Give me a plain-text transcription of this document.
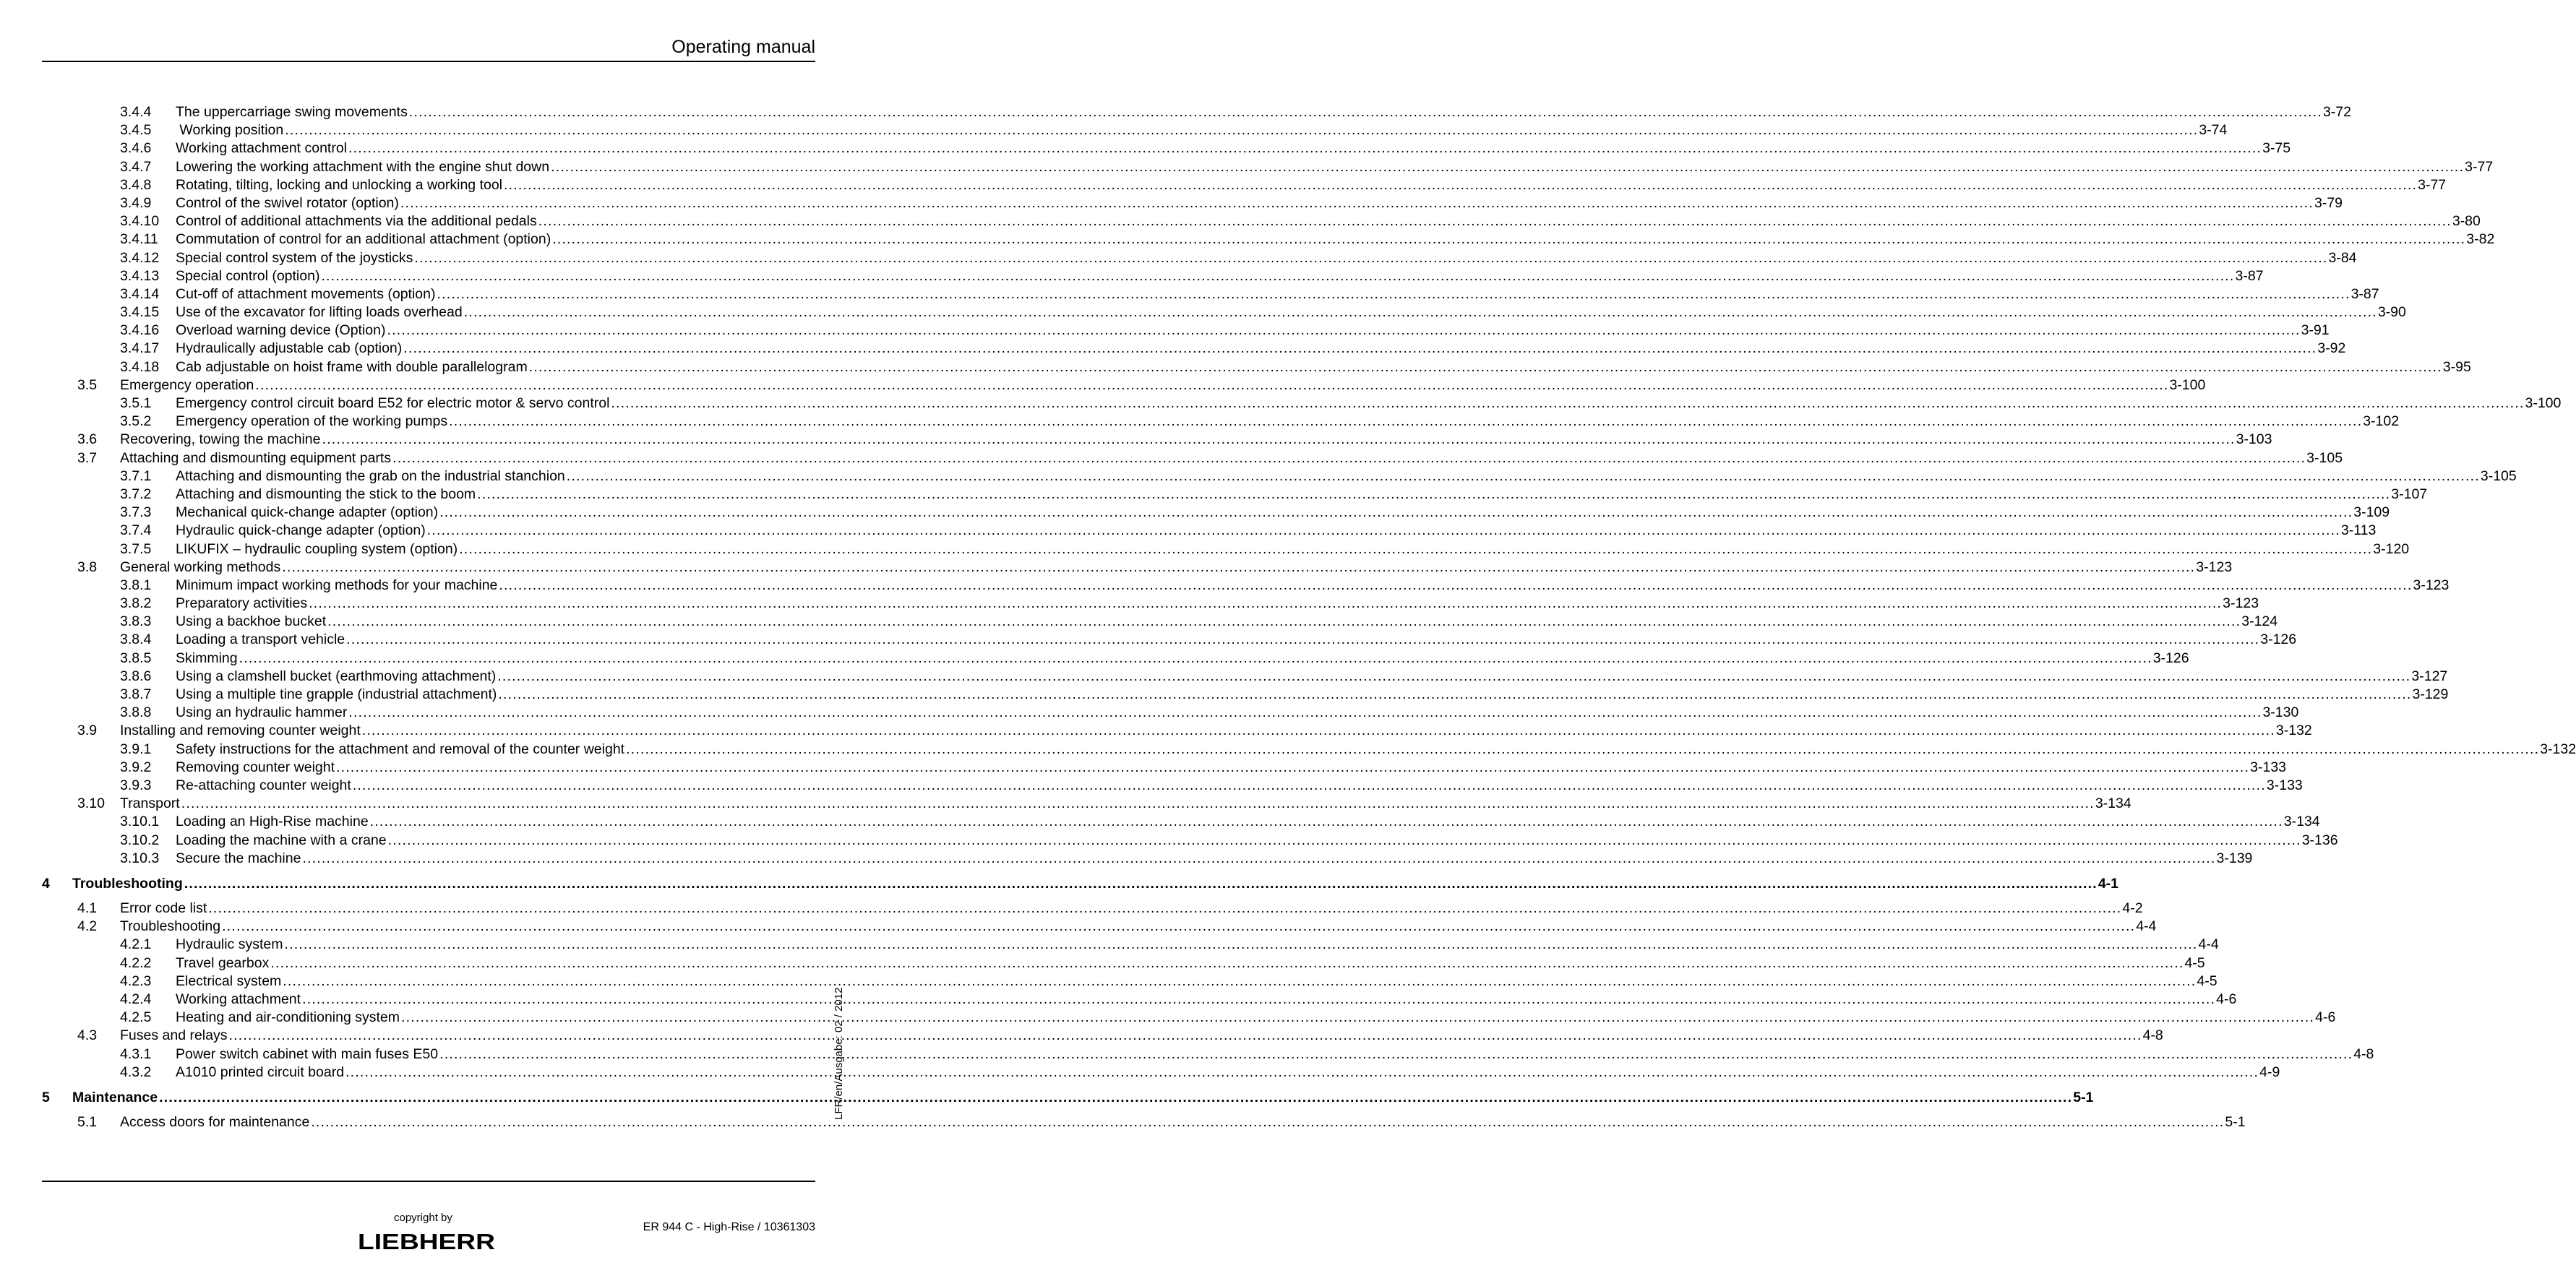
Operating manual
3.4.4 The uppercarriage swing movements ................................................................................................................................................................................................................................................................................................................................................................................................................ 3-72
3.4.5 Working position ................................................................................................................................................................................................................................................................................................................................................................................................................ 3-74
3.4.6 Working attachment control ................................................................................................................................................................................................................................................................................................................................................................................................................ 3-75
3.4.7 Lowering the working attachment with the engine shut down ................................................................................................................................................................................................................................................................................................................................................................................................................ 3-77
3.4.8 Rotating, tilting, locking and unlocking a working tool ................................................................................................................................................................................................................................................................................................................................................................................................................ 3-77
3.4.9 Control of the swivel rotator (option) ................................................................................................................................................................................................................................................................................................................................................................................................................ 3-79
3.4.10 Control of additional attachments via the additional pedals ................................................................................................................................................................................................................................................................................................................................................................................................................ 3-80
3.4.11 Commutation of control for an additional attachment (option) ................................................................................................................................................................................................................................................................................................................................................................................................................ 3-82
3.4.12 Special control system of the joysticks ................................................................................................................................................................................................................................................................................................................................................................................................................ 3-84
3.4.13 Special control (option) ................................................................................................................................................................................................................................................................................................................................................................................................................ 3-87
3.4.14 Cut-off of attachment movements (option) ................................................................................................................................................................................................................................................................................................................................................................................................................ 3-87
3.4.15 Use of the excavator for lifting loads overhead ................................................................................................................................................................................................................................................................................................................................................................................................................ 3-90
3.4.16 Overload warning device (Option) ................................................................................................................................................................................................................................................................................................................................................................................................................ 3-91
3.4.17 Hydraulically adjustable cab (option) ................................................................................................................................................................................................................................................................................................................................................................................................................ 3-92
3.4.18 Cab adjustable on hoist frame with double parallelogram ................................................................................................................................................................................................................................................................................................................................................................................................................ 3-95
3.5 Emergency operation ................................................................................................................................................................................................................................................................................................................................................................................................................ 3-100
3.5.1 Emergency control circuit board E52 for electric motor & servo control ................................................................................................................................................................................................................................................................................................................................................................................................................ 3-100
3.5.2 Emergency operation of the working pumps ................................................................................................................................................................................................................................................................................................................................................................................................................ 3-102
3.6 Recovering, towing the machine ................................................................................................................................................................................................................................................................................................................................................................................................................ 3-103
3.7 Attaching and dismounting equipment parts ................................................................................................................................................................................................................................................................................................................................................................................................................ 3-105
3.7.1 Attaching and dismounting the grab on the industrial stanchion ................................................................................................................................................................................................................................................................................................................................................................................................................ 3-105
3.7.2 Attaching and dismounting the stick to the boom ................................................................................................................................................................................................................................................................................................................................................................................................................ 3-107
3.7.3 Mechanical quick-change adapter (option) ................................................................................................................................................................................................................................................................................................................................................................................................................ 3-109
3.7.4 Hydraulic quick-change adapter (option) ................................................................................................................................................................................................................................................................................................................................................................................................................ 3-113
3.7.5 LIKUFIX – hydraulic coupling system (option) ................................................................................................................................................................................................................................................................................................................................................................................................................ 3-120
3.8 General working methods ................................................................................................................................................................................................................................................................................................................................................................................................................ 3-123
3.8.1 Minimum impact working methods for your machine ................................................................................................................................................................................................................................................................................................................................................................................................................ 3-123
3.8.2 Preparatory activities ................................................................................................................................................................................................................................................................................................................................................................................................................ 3-123
3.8.3 Using a backhoe bucket ................................................................................................................................................................................................................................................................................................................................................................................................................ 3-124
3.8.4 Loading a transport vehicle ................................................................................................................................................................................................................................................................................................................................................................................................................ 3-126
3.8.5 Skimming ................................................................................................................................................................................................................................................................................................................................................................................................................ 3-126
3.8.6 Using a clamshell bucket (earthmoving attachment) ................................................................................................................................................................................................................................................................................................................................................................................................................ 3-127
3.8.7 Using a multiple tine grapple (industrial attachment) ................................................................................................................................................................................................................................................................................................................................................................................................................ 3-129
3.8.8 Using an hydraulic hammer ................................................................................................................................................................................................................................................................................................................................................................................................................ 3-130
3.9 Installing and removing counter weight ................................................................................................................................................................................................................................................................................................................................................................................................................ 3-132
3.9.1 Safety instructions for the attachment and removal of the counter weight ................................................................................................................................................................................................................................................................................................................................................................................................................ 3-132
3.9.2 Removing counter weight ................................................................................................................................................................................................................................................................................................................................................................................................................ 3-133
3.9.3 Re-attaching counter weight ................................................................................................................................................................................................................................................................................................................................................................................................................ 3-133
3.10 Transport ................................................................................................................................................................................................................................................................................................................................................................................................................ 3-134
3.10.1 Loading an High-Rise machine ................................................................................................................................................................................................................................................................................................................................................................................................................ 3-134
3.10.2 Loading the machine with a crane ................................................................................................................................................................................................................................................................................................................................................................................................................ 3-136
3.10.3 Secure the machine ................................................................................................................................................................................................................................................................................................................................................................................................................ 3-139
4 Troubleshooting ................................................................................................................................................................................................................................................................................................................................................................................................................ 4-1
4.1 Error code list ................................................................................................................................................................................................................................................................................................................................................................................................................ 4-2
4.2 Troubleshooting ................................................................................................................................................................................................................................................................................................................................................................................................................ 4-4
4.2.1 Hydraulic system ................................................................................................................................................................................................................................................................................................................................................................................................................ 4-4
4.2.2 Travel gearbox ................................................................................................................................................................................................................................................................................................................................................................................................................ 4-5
4.2.3 Electrical system ................................................................................................................................................................................................................................................................................................................................................................................................................ 4-5
4.2.4 Working attachment ................................................................................................................................................................................................................................................................................................................................................................................................................ 4-6
4.2.5 Heating and air-conditioning system ................................................................................................................................................................................................................................................................................................................................................................................................................ 4-6
4.3 Fuses and relays ................................................................................................................................................................................................................................................................................................................................................................................................................ 4-8
4.3.1 Power switch cabinet with main fuses E50 ................................................................................................................................................................................................................................................................................................................................................................................................................ 4-8
4.3.2 A1010 printed circuit board ................................................................................................................................................................................................................................................................................................................................................................................................................ 4-9
5 Maintenance ................................................................................................................................................................................................................................................................................................................................................................................................................ 5-1
5.1 Access doors for maintenance ................................................................................................................................................................................................................................................................................................................................................................................................................ 5-1
LFR/en/Ausgabe: 02 / 2012
copyright by
LIEBHERR
ER 944 C - High-Rise / 10361303
